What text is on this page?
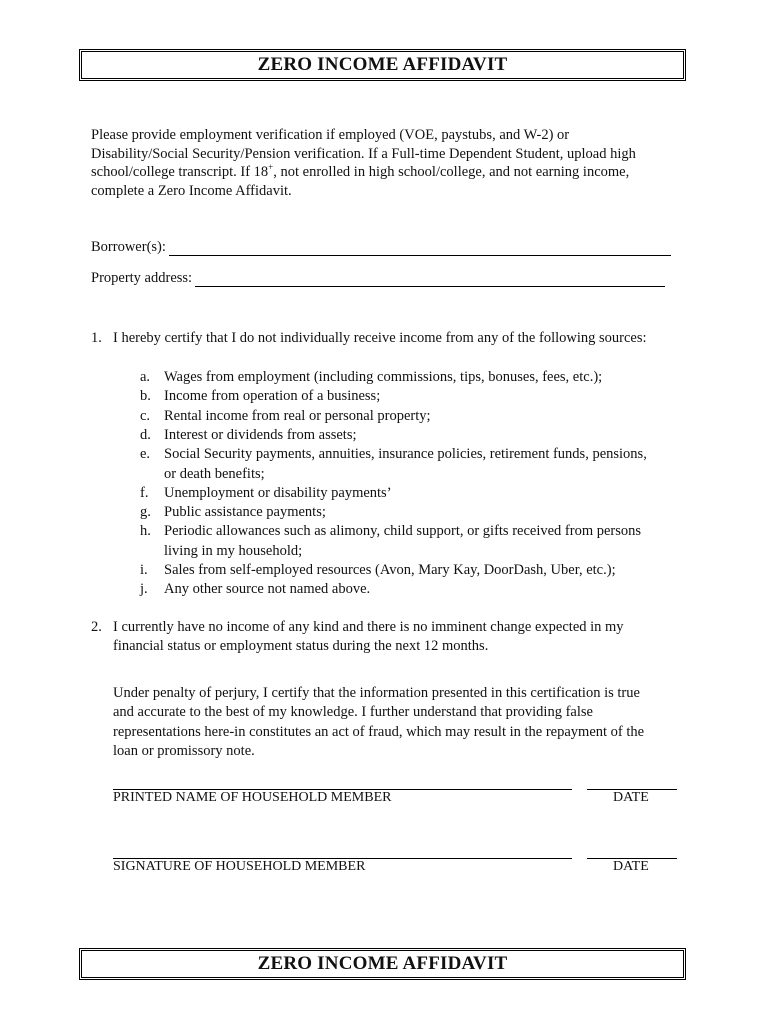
ZERO INCOME AFFIDAVIT
Please provide employment verification if employed (VOE, paystubs, and W-2) or
Disability/Social Security/Pension verification. If a Full-time Dependent Student, upload high
school/college transcript. If 18+, not enrolled in high school/college, and not earning income,
complete a Zero Income Affidavit.
Borrower(s):
Property address:
1. I hereby certify that I do not individually receive income from any of the following sources:
a. Wages from employment (including commissions, tips, bonuses, fees, etc.);
b. Income from operation of a business;
c. Rental income from real or personal property;
d. Interest or dividends from assets;
e. Social Security payments, annuities, insurance policies, retirement funds, pensions,
or death benefits;
f.	Unemployment or disability payments’
g. Public assistance payments;
h. Periodic allowances such as alimony, child support, or gifts received from persons
living in my household;
i.	Sales from self-employed resources (Avon, Mary Kay, DoorDash, Uber, etc.);
j.	Any other source not named above.
2. I currently have no income of any kind and there is no imminent change expected in my
financial status or employment status during the next 12 months.
Under penalty of perjury, I certify that the information presented in this certification is true
and accurate to the best of my knowledge. I further understand that providing false
representations here-in constitutes an act of fraud, which may result in the repayment of the
loan or promissory note.
PRINTED NAME OF HOUSEHOLD MEMBER	DATE
SIGNATURE OF HOUSEHOLD MEMBER	DATE
ZERO INCOME AFFIDAVIT
